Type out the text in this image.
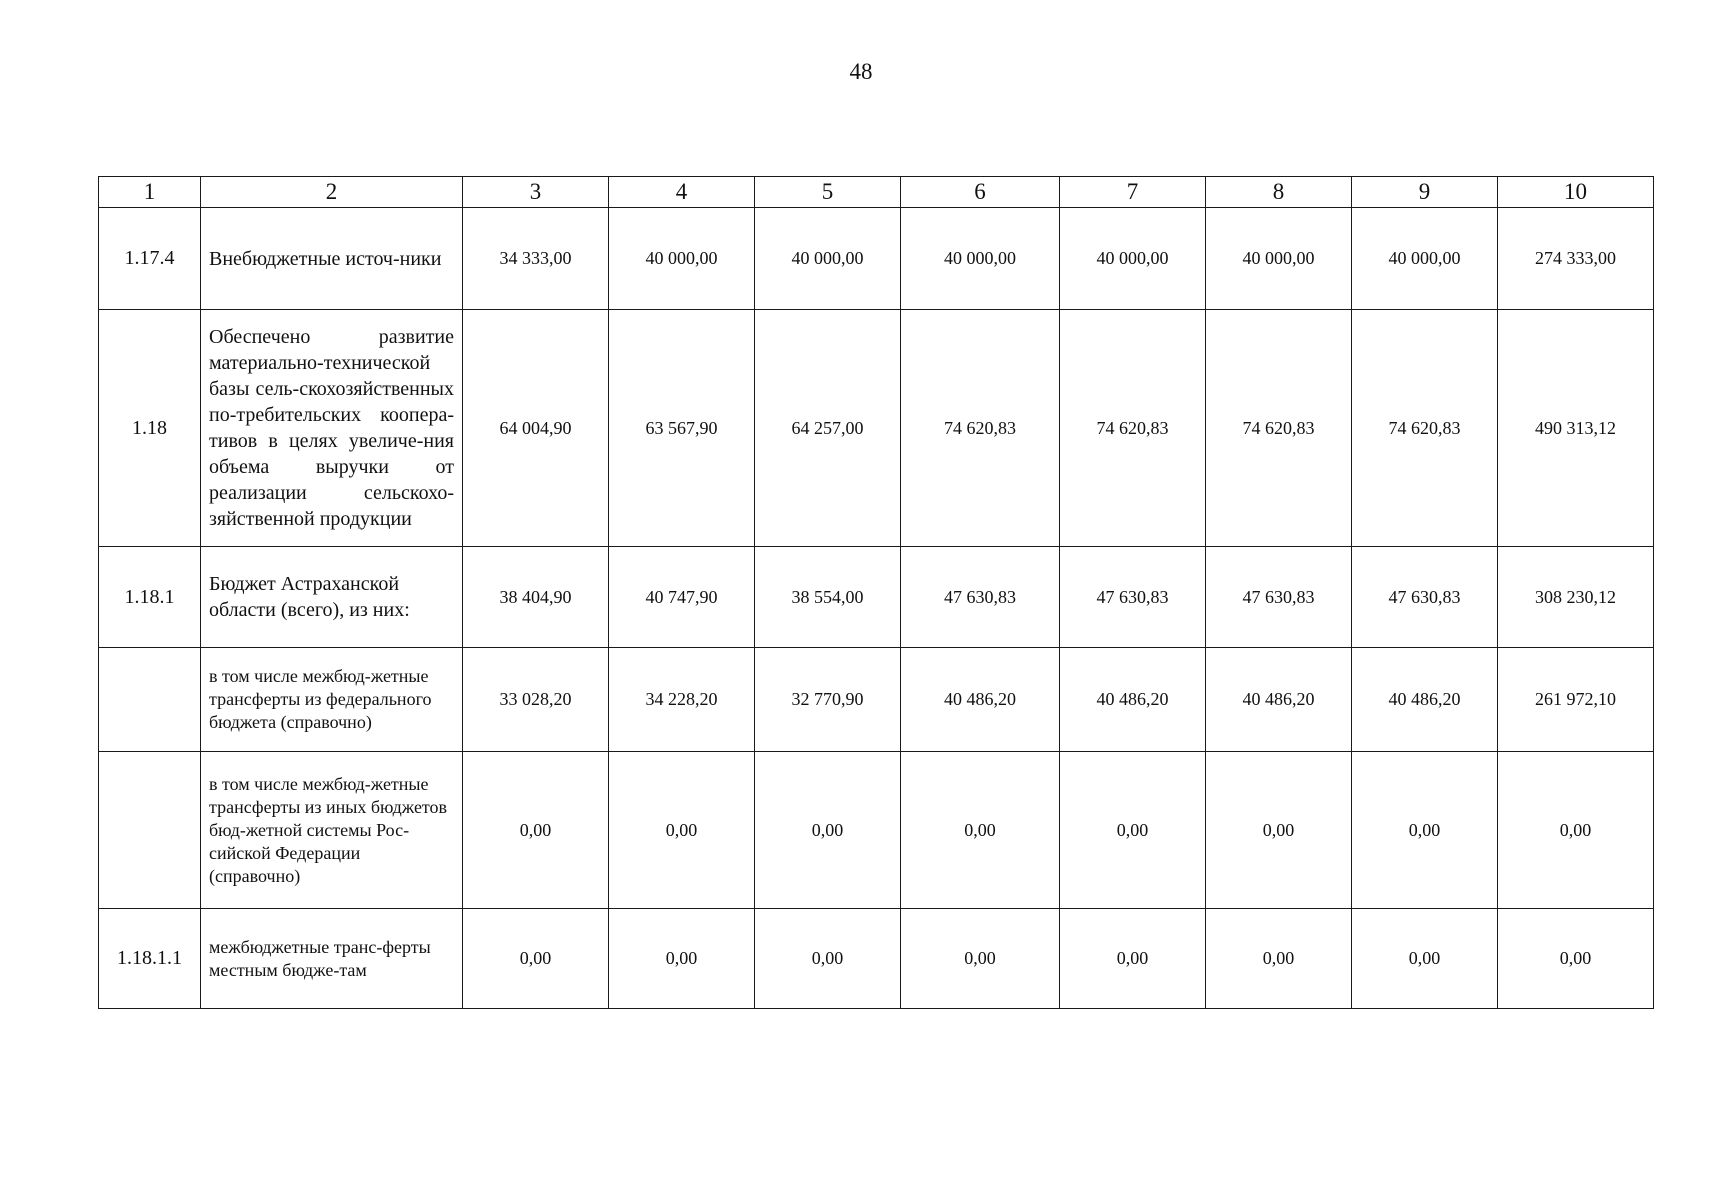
48
1	2	3	4	5	6	7	8	9	10
1.17.4	Внебюджетные источ-ники	34 333,00	40 000,00	40 000,00	40 000,00	40 000,00	40 000,00	40 000,00	274 333,00
1.18	Обеспечено развитие материально-технической базы сель-скохозяйственных по-требительских коопера-тивов в целях увеличе-ния объема выручки от реализации сельскохо-зяйственной продукции	64 004,90	63 567,90	64 257,00	74 620,83	74 620,83	74 620,83	74 620,83	490 313,12
1.18.1	Бюджет Астраханской области (всего), из них:	38 404,90	40 747,90	38 554,00	47 630,83	47 630,83	47 630,83	47 630,83	308 230,12
	в том числе межбюд-жетные трансферты из федерального бюджета (справочно)	33 028,20	34 228,20	32 770,90	40 486,20	40 486,20	40 486,20	40 486,20	261 972,10
	в том числе межбюд-жетные трансферты из иных бюджетов бюд-жетной системы Рос-сийской Федерации (справочно)	0,00	0,00	0,00	0,00	0,00	0,00	0,00	0,00
1.18.1.1	межбюджетные транс-ферты местным бюдже-там	0,00	0,00	0,00	0,00	0,00	0,00	0,00	0,00
